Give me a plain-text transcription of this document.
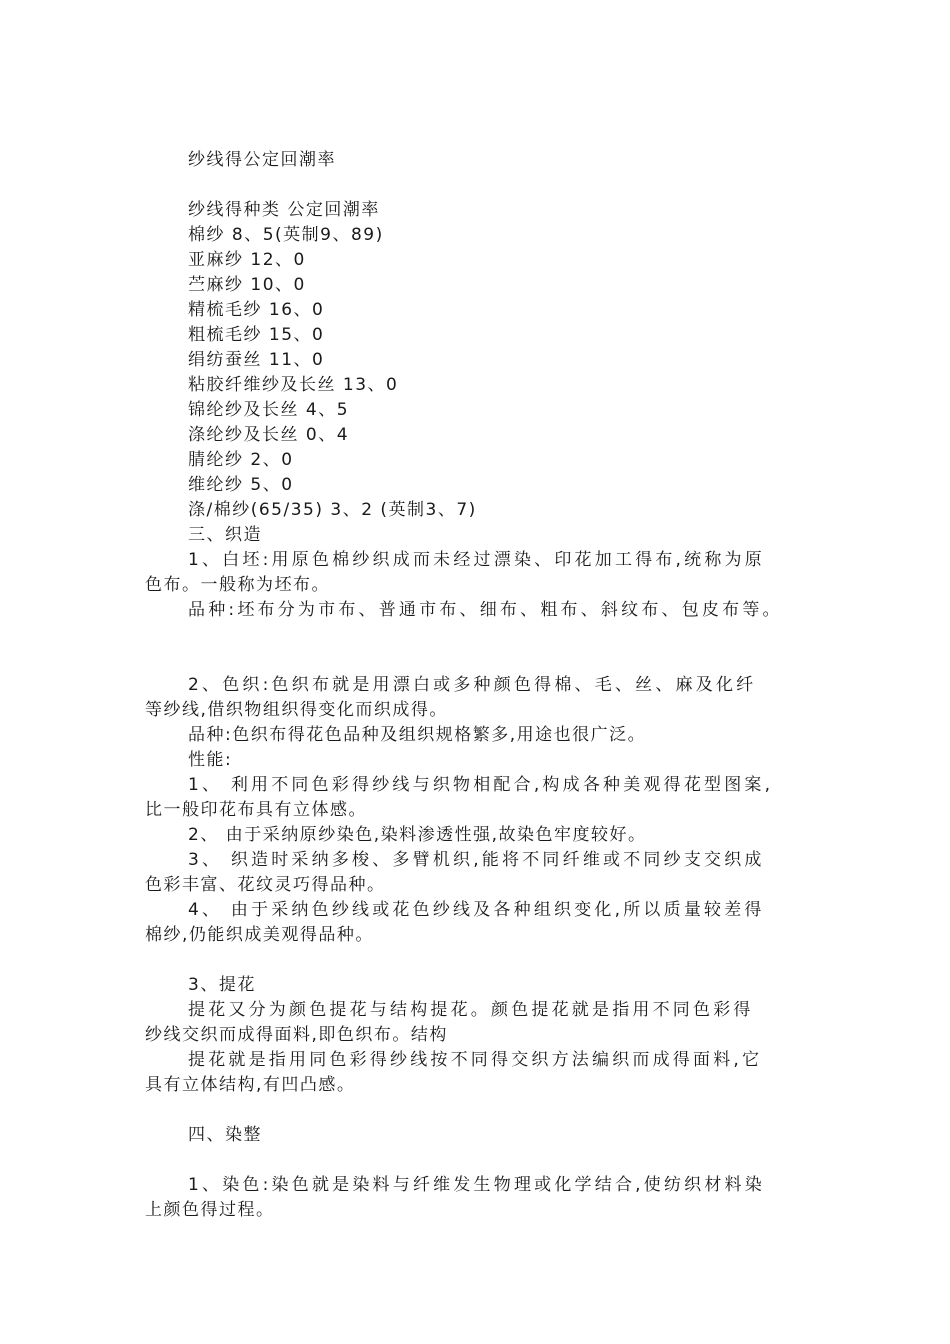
纱线得公定回潮率
纱线得种类 公定回潮率
棉纱 8、5(英制9、89)
亚麻纱 12、0
苎麻纱 10、0
精梳毛纱 16、0
粗梳毛纱 15、0
绢纺蚕丝 11、0
粘胶纤维纱及长丝 13、0
锦纶纱及长丝 4、5
涤纶纱及长丝 0、4
腈纶纱 2、0
维纶纱 5、0
涤/棉纱(65/35) 3、2 (英制3、7)
三、织造
1、白坯:用原色棉纱织成而未经过漂染、印花加工得布,统称为原
色布。一般称为坯布。
品种:坯布分为市布、普通市布、细布、粗布、斜纹布、包皮布等。
2、色织:色织布就是用漂白或多种颜色得棉、毛、丝、麻及化纤
等纱线,借织物组织得变化而织成得。
品种:色织布得花色品种及组织规格繁多,用途也很广泛。
性能:
1、 利用不同色彩得纱线与织物相配合,构成各种美观得花型图案,
比一般印花布具有立体感。
2、 由于采纳原纱染色,染料渗透性强,故染色牢度较好。
3、 织造时采纳多梭、多臂机织,能将不同纤维或不同纱支交织成
色彩丰富、花纹灵巧得品种。
4、 由于采纳色纱线或花色纱线及各种组织变化,所以质量较差得
棉纱,仍能织成美观得品种。
3、提花
提花又分为颜色提花与结构提花。颜色提花就是指用不同色彩得
纱线交织而成得面料,即色织布。结构
提花就是指用同色彩得纱线按不同得交织方法编织而成得面料,它
具有立体结构,有凹凸感。
四、染整
1、染色:染色就是染料与纤维发生物理或化学结合,使纺织材料染
上颜色得过程。
